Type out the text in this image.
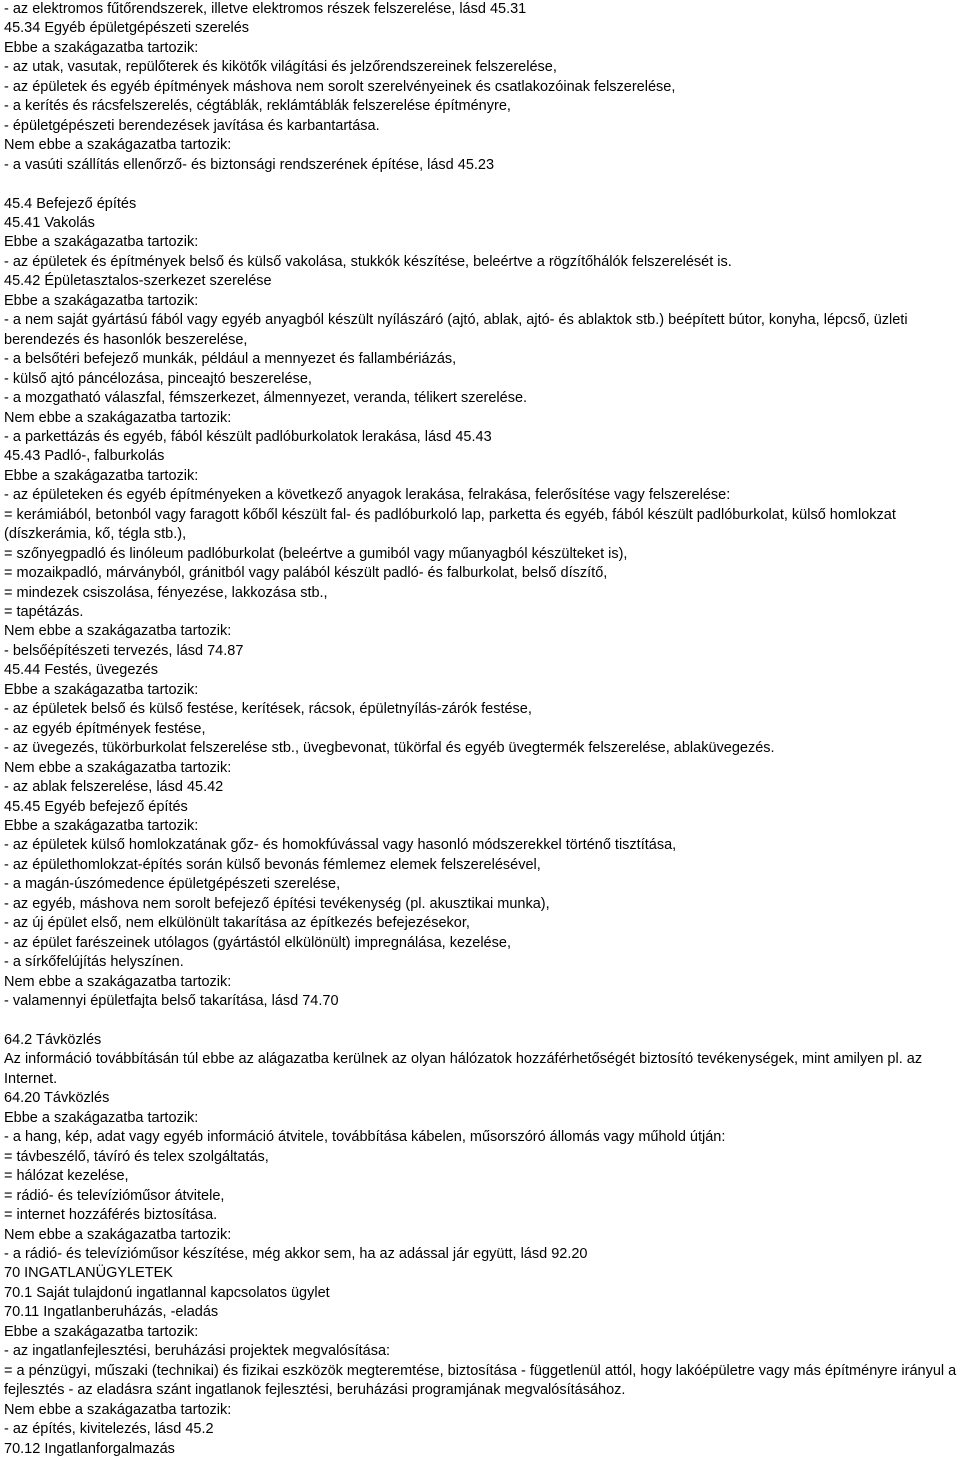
- az elektromos fűtőrendszerek, illetve elektromos részek felszerelése, lásd 45.31
45.34 Egyéb épületgépészeti szerelés
Ebbe a szakágazatba tartozik:
- az utak, vasutak, repülőterek és kikötők világítási és jelzőrendszereinek felszerelése,
- az épületek és egyéb építmények máshova nem sorolt szerelvényeinek és csatlakozóinak felszerelése,
- a kerítés és rácsfelszerelés, cégtáblák, reklámtáblák felszerelése építményre,
- épületgépészeti berendezések javítása és karbantartása.
Nem ebbe a szakágazatba tartozik:
- a vasúti szállítás ellenőrző- és biztonsági rendszerének építése, lásd 45.23
45.4 Befejező építés
45.41 Vakolás
Ebbe a szakágazatba tartozik:
- az épületek és építmények belső és külső vakolása, stukkók készítése, beleértve a rögzítőhálók felszerelését is.
45.42 Épületasztalos-szerkezet szerelése
Ebbe a szakágazatba tartozik:
- a nem saját gyártású fából vagy egyéb anyagból készült nyílászáró (ajtó, ablak, ajtó- és ablaktok stb.) beépített bútor, konyha, lépcső, üzleti berendezés és hasonlók beszerelése,
- a belsőtéri befejező munkák, például a mennyezet és fallambériázás,
- külső ajtó páncélozása, pinceajtó beszerelése,
- a mozgatható válaszfal, fémszerkezet, álmennyezet, veranda, télikert szerelése.
Nem ebbe a szakágazatba tartozik:
- a parkettázás és egyéb, fából készült padlóburkolatok lerakása, lásd 45.43
45.43 Padló-, falburkolás
Ebbe a szakágazatba tartozik:
- az épületeken és egyéb építményeken a következő anyagok lerakása, felrakása, felerősítése vagy felszerelése:
= kerámiából, betonból vagy faragott kőből készült fal- és padlóburkoló lap, parketta és egyéb, fából készült padlóburkolat, külső homlokzat (díszkerámia, kő, tégla stb.),
= szőnyegpadló és linóleum padlóburkolat (beleértve a gumiból vagy műanyagból készülteket is),
= mozaikpadló, márványból, gránitból vagy palából készült padló- és falburkolat, belső díszítő,
= mindezek csiszolása, fényezése, lakkozása stb.,
= tapétázás.
Nem ebbe a szakágazatba tartozik:
- belsőépítészeti tervezés, lásd 74.87
45.44 Festés, üvegezés
Ebbe a szakágazatba tartozik:
- az épületek belső és külső festése, kerítések, rácsok, épületnyílás-zárók festése,
- az egyéb építmények festése,
- az üvegezés, tükörburkolat felszerelése stb., üvegbevonat, tükörfal és egyéb üvegtermék felszerelése, ablaküvegezés.
Nem ebbe a szakágazatba tartozik:
- az ablak felszerelése, lásd 45.42
45.45 Egyéb befejező építés
Ebbe a szakágazatba tartozik:
- az épületek külső homlokzatának gőz- és homokfúvással vagy hasonló módszerekkel történő tisztítása,
- az épülethomlokzat-építés során külső bevonás fémlemez elemek felszerelésével,
- a magán-úszómedence épületgépészeti szerelése,
- az egyéb, máshova nem sorolt befejező építési tevékenység (pl. akusztikai munka),
- az új épület első, nem elkülönült takarítása az építkezés befejezésekor,
- az épület farészeinek utólagos (gyártástól elkülönült) impregnálása, kezelése,
- a sírkőfelújítás helyszínen.
Nem ebbe a szakágazatba tartozik:
- valamennyi épületfajta belső takarítása, lásd 74.70
64.2 Távközlés
Az információ továbbításán túl ebbe az alágazatba kerülnek az olyan hálózatok hozzáférhetőségét biztosító tevékenységek, mint amilyen pl. az Internet.
64.20 Távközlés
Ebbe a szakágazatba tartozik:
- a hang, kép, adat vagy egyéb információ átvitele, továbbítása kábelen, műsorszóró állomás vagy műhold útján:
= távbeszélő, távíró és telex szolgáltatás,
= hálózat kezelése,
= rádió- és televízióműsor átvitele,
= internet hozzáférés biztosítása.
Nem ebbe a szakágazatba tartozik:
- a rádió- és televízióműsor készítése, még akkor sem, ha az adással jár együtt, lásd 92.20
70 INGATLANÜGYLETEK
70.1 Saját tulajdonú ingatlannal kapcsolatos ügylet
70.11 Ingatlanberuházás, -eladás
Ebbe a szakágazatba tartozik:
- az ingatlanfejlesztési, beruházási projektek megvalósítása:
= a pénzügyi, műszaki (technikai) és fizikai eszközök megteremtése, biztosítása - függetlenül attól, hogy lakóépületre vagy más építményre irányul a fejlesztés - az eladásra szánt ingatlanok fejlesztési, beruházási programjának megvalósításához.
Nem ebbe a szakágazatba tartozik:
- az építés, kivitelezés, lásd 45.2
70.12 Ingatlanforgalmazás
